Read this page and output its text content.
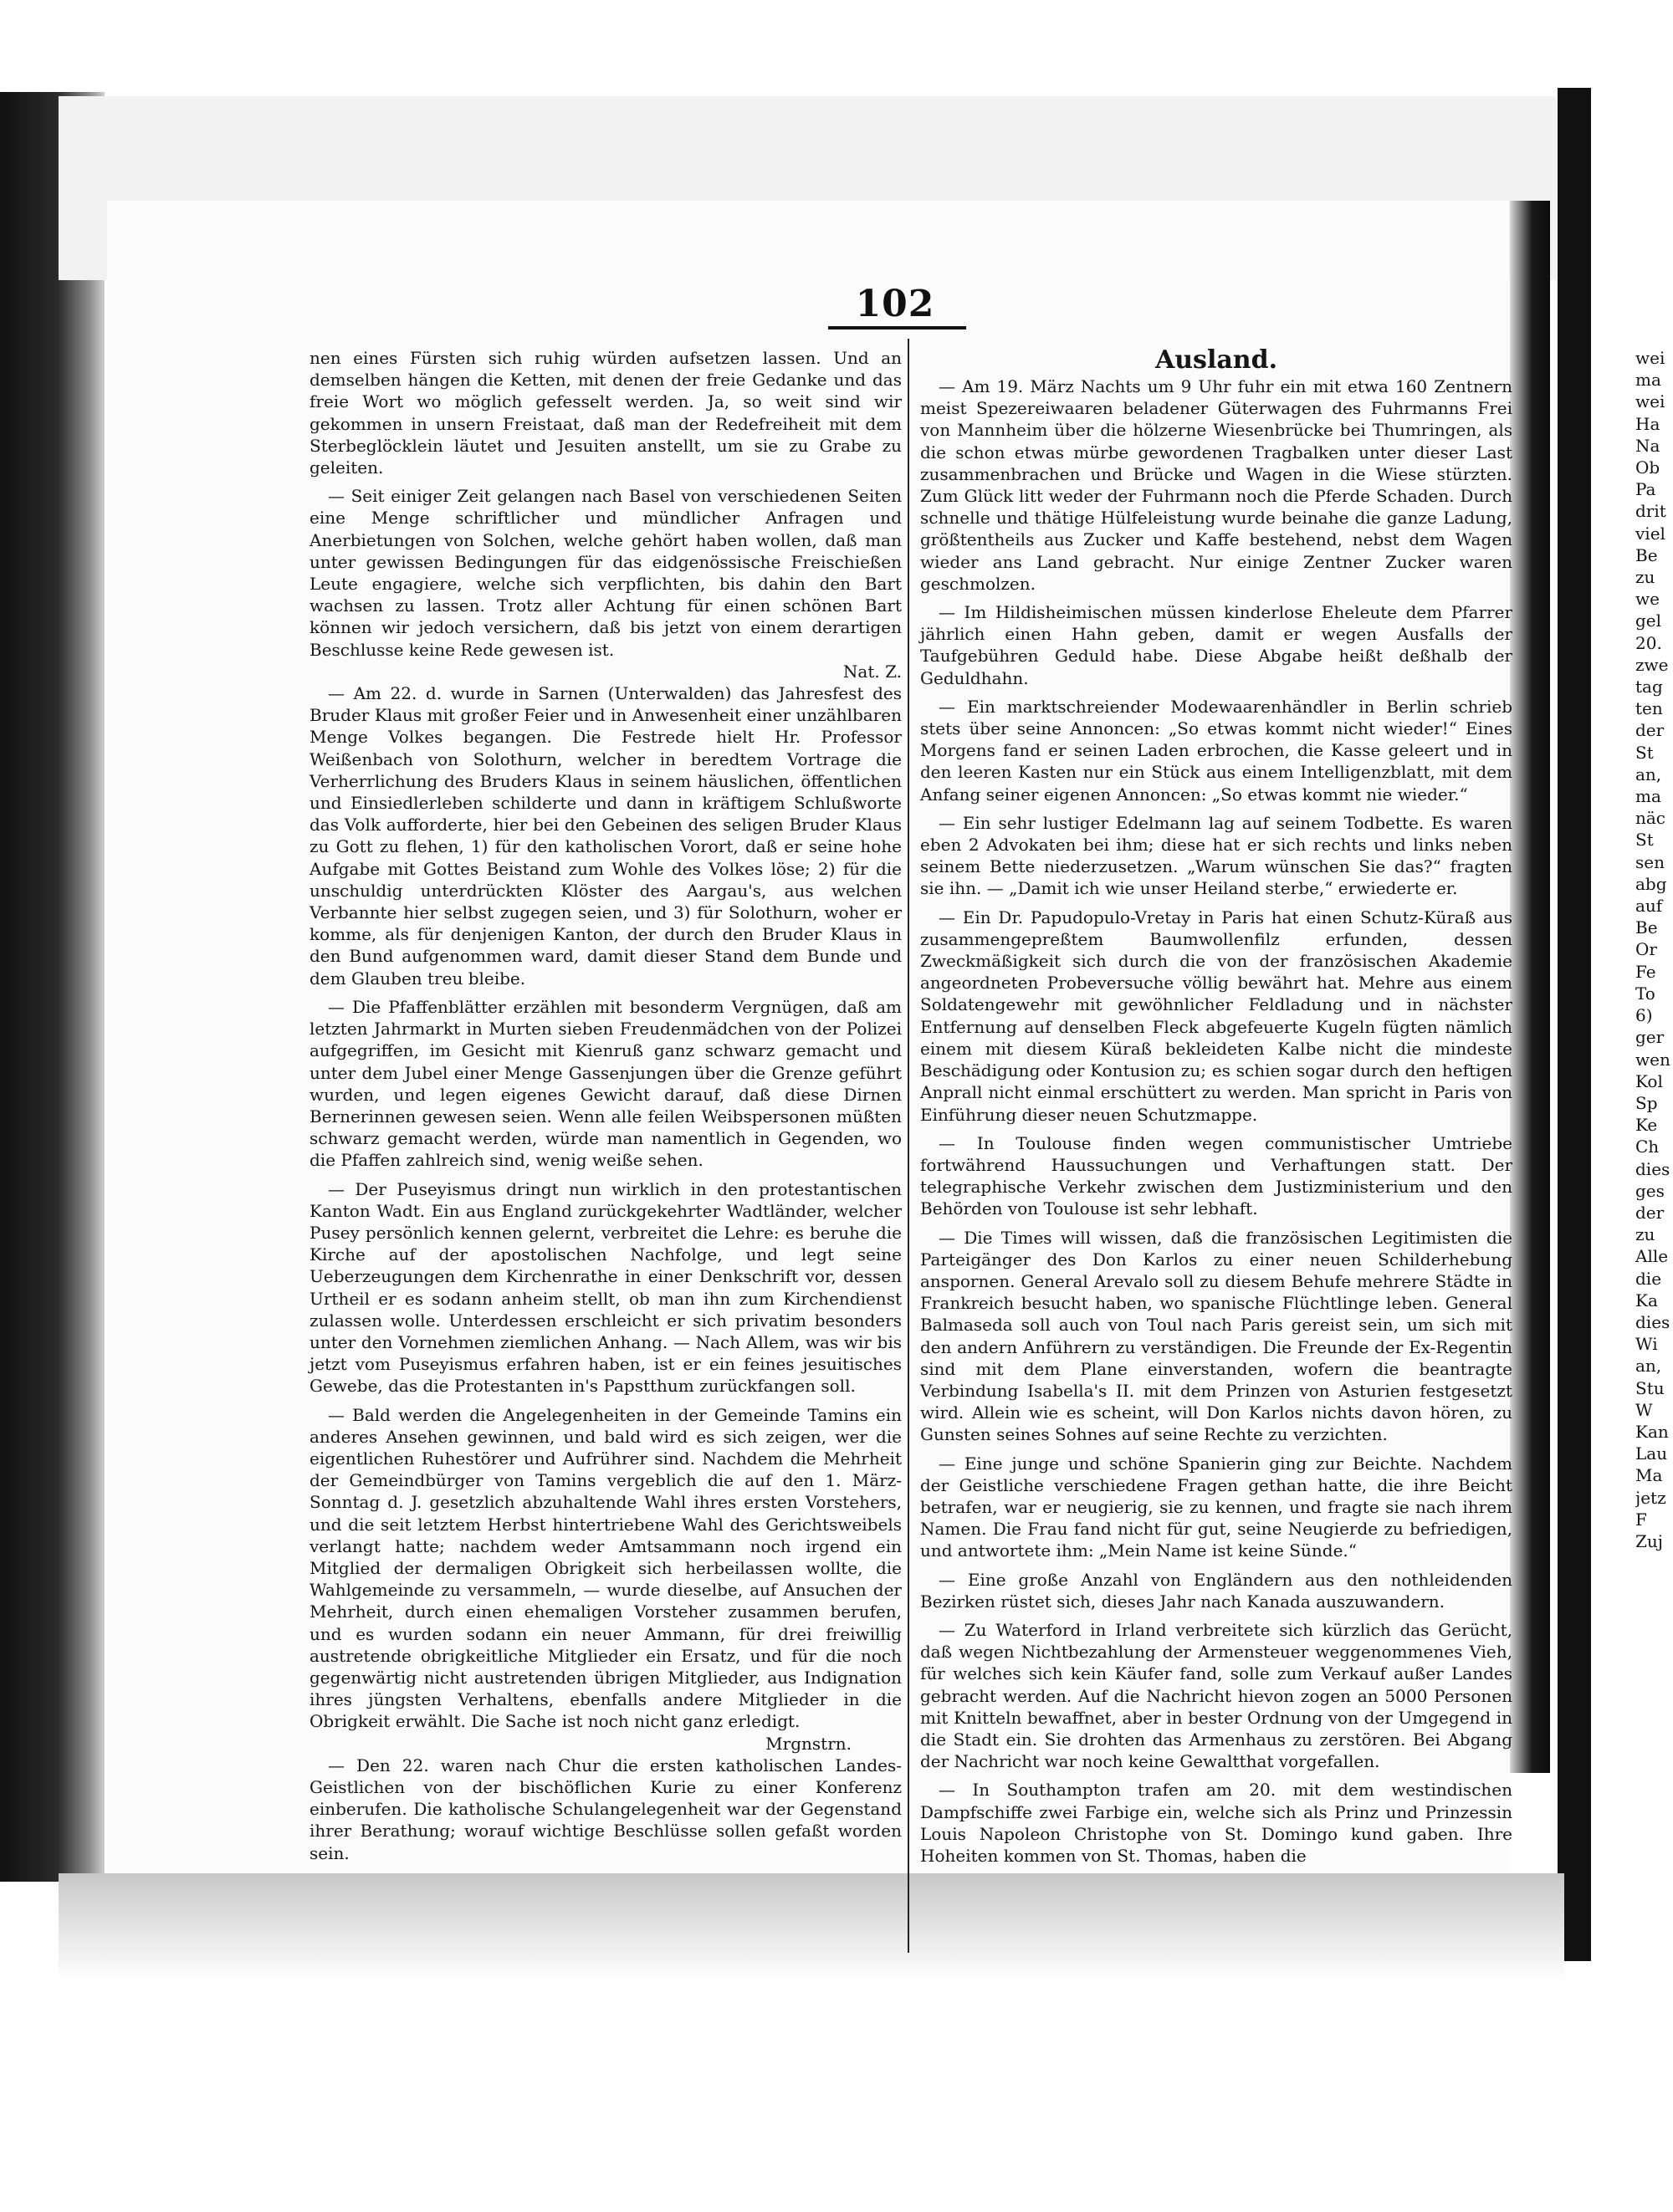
102

nen eines Fürsten sich ruhig würden aufsetzen lassen. Und an demselben hängen die Ketten, mit denen der freie Gedanke und das freie Wort wo möglich gefesselt werden. Ja, so weit sind wir gekommen in unsern Freistaat, daß man der Redefreiheit mit dem Sterbeglöcklein läutet und Jesuiten anstellt, um sie zu Grabe zu geleiten.

— Seit einiger Zeit gelangen nach Basel von verschiedenen Seiten eine Menge schriftlicher und mündlicher Anfragen und Anerbietungen von Solchen, welche gehört haben wollen, daß man unter gewissen Bedingungen für das eidgenössische Freischießen Leute engagiere, welche sich verpflichten, bis dahin den Bart wachsen zu lassen. Trotz aller Achtung für einen schönen Bart können wir jedoch versichern, daß bis jetzt von einem derartigen Beschlusse keine Rede gewesen ist.

Nat. Z.

— Am 22. d. wurde in Sarnen (Unterwalden) das Jahresfest des Bruder Klaus mit großer Feier und in Anwesenheit einer unzählbaren Menge Volkes begangen. Die Festrede hielt Hr. Professor Weißenbach von Solothurn, welcher in beredtem Vortrage die Verherrlichung des Bruders Klaus in seinem häuslichen, öffentlichen und Einsiedlerleben schilderte und dann in kräftigem Schlußworte das Volk aufforderte, hier bei den Gebeinen des seligen Bruder Klaus zu Gott zu flehen, 1) für den katholischen Vorort, daß er seine hohe Aufgabe mit Gottes Beistand zum Wohle des Volkes löse; 2) für die unschuldig unterdrückten Klöster des Aargau's, aus welchen Verbannte hier selbst zugegen seien, und 3) für Solothurn, woher er komme, als für denjenigen Kanton, der durch den Bruder Klaus in den Bund aufgenommen ward, damit dieser Stand dem Bunde und dem Glauben treu bleibe.

— Die Pfaffenblätter erzählen mit besonderm Vergnügen, daß am letzten Jahrmarkt in Murten sieben Freudenmädchen von der Polizei aufgegriffen, im Gesicht mit Kienruß ganz schwarz gemacht und unter dem Jubel einer Menge Gassenjungen über die Grenze geführt wurden, und legen eigenes Gewicht darauf, daß diese Dirnen Bernerinnen gewesen seien. Wenn alle feilen Weibspersonen müßten schwarz gemacht werden, würde man namentlich in Gegenden, wo die Pfaffen zahlreich sind, wenig weiße sehen.

— Der Puseyismus dringt nun wirklich in den protestantischen Kanton Wadt. Ein aus England zurückgekehrter Wadtländer, welcher Pusey persönlich kennen gelernt, verbreitet die Lehre: es beruhe die Kirche auf der apostolischen Nachfolge, und legt seine Ueberzeugungen dem Kirchenrathe in einer Denkschrift vor, dessen Urtheil er es sodann anheim stellt, ob man ihn zum Kirchendienst zulassen wolle. Unterdessen erschleicht er sich privatim besonders unter den Vornehmen ziemlichen Anhang. — Nach Allem, was wir bis jetzt vom Puseyismus erfahren haben, ist er ein feines jesuitisches Gewebe, das die Protestanten in's Papstthum zurückfangen soll.

— Bald werden die Angelegenheiten in der Gemeinde Tamins ein anderes Ansehen gewinnen, und bald wird es sich zeigen, wer die eigentlichen Ruhestörer und Aufrührer sind. Nachdem die Mehrheit der Gemeindbürger von Tamins vergeblich die auf den 1. März-Sonntag d. J. gesetzlich abzuhaltende Wahl ihres ersten Vorstehers, und die seit letztem Herbst hintertriebene Wahl des Gerichtsweibels verlangt hatte; nachdem weder Amtsammann noch irgend ein Mitglied der dermaligen Obrigkeit sich herbeilassen wollte, die Wahlgemeinde zu versammeln, — wurde dieselbe, auf Ansuchen der Mehrheit, durch einen ehemaligen Vorsteher zusammen berufen, und es wurden sodann ein neuer Ammann, für drei freiwillig austretende obrigkeitliche Mitglieder ein Ersatz, und für die noch gegenwärtig nicht austretenden übrigen Mitglieder, aus Indignation ihres jüngsten Verhaltens, ebenfalls andere Mitglieder in die Obrigkeit erwählt. Die Sache ist noch nicht ganz erledigt.

Mrgnstrn.

— Den 22. waren nach Chur die ersten katholischen Landes-Geistlichen von der bischöflichen Kurie zu einer Konferenz einberufen. Die katholische Schulangelegenheit war der Gegenstand ihrer Berathung; worauf wichtige Beschlüsse sollen gefaßt worden sein.

Ausland.

— Am 19. März Nachts um 9 Uhr fuhr ein mit etwa 160 Zentnern meist Spezereiwaaren beladener Güterwagen des Fuhrmanns Frei von Mannheim über die hölzerne Wiesenbrücke bei Thumringen, als die schon etwas mürbe gewordenen Tragbalken unter dieser Last zusammenbrachen und Brücke und Wagen in die Wiese stürzten. Zum Glück litt weder der Fuhrmann noch die Pferde Schaden. Durch schnelle und thätige Hülfeleistung wurde beinahe die ganze Ladung, größtentheils aus Zucker und Kaffe bestehend, nebst dem Wagen wieder ans Land gebracht. Nur einige Zentner Zucker waren geschmolzen.

— Im Hildisheimischen müssen kinderlose Eheleute dem Pfarrer jährlich einen Hahn geben, damit er wegen Ausfalls der Taufgebühren Geduld habe. Diese Abgabe heißt deßhalb der Geduldhahn.

— Ein marktschreiender Modewaarenhändler in Berlin schrieb stets über seine Annoncen: „So etwas kommt nicht wieder!“ Eines Morgens fand er seinen Laden erbrochen, die Kasse geleert und in den leeren Kasten nur ein Stück aus einem Intelligenzblatt, mit dem Anfang seiner eigenen Annoncen: „So etwas kommt nie wieder.“

— Ein sehr lustiger Edelmann lag auf seinem Todbette. Es waren eben 2 Advokaten bei ihm; diese hat er sich rechts und links neben seinem Bette niederzusetzen. „Warum wünschen Sie das?“ fragten sie ihn. — „Damit ich wie unser Heiland sterbe,“ erwiederte er.

— Ein Dr. Papudopulo-Vretay in Paris hat einen Schutz-Küraß aus zusammengepreßtem Baumwollenfilz erfunden, dessen Zweckmäßigkeit sich durch die von der französischen Akademie angeordneten Probeversuche völlig bewährt hat. Mehre aus einem Soldatengewehr mit gewöhnlicher Feldladung und in nächster Entfernung auf denselben Fleck abgefeuerte Kugeln fügten nämlich einem mit diesem Küraß bekleideten Kalbe nicht die mindeste Beschädigung oder Kontusion zu; es schien sogar durch den heftigen Anprall nicht einmal erschüttert zu werden. Man spricht in Paris von Einführung dieser neuen Schutzmappe.

— In Toulouse finden wegen communistischer Umtriebe fortwährend Haussuchungen und Verhaftungen statt. Der telegraphische Verkehr zwischen dem Justizministerium und den Behörden von Toulouse ist sehr lebhaft.

— Die Times will wissen, daß die französischen Legitimisten die Parteigänger des Don Karlos zu einer neuen Schilderhebung anspornen. General Arevalo soll zu diesem Behufe mehrere Städte in Frankreich besucht haben, wo spanische Flüchtlinge leben. General Balmaseda soll auch von Toul nach Paris gereist sein, um sich mit den andern Anführern zu verständigen. Die Freunde der Ex-Regentin sind mit dem Plane einverstanden, wofern die beantragte Verbindung Isabella's II. mit dem Prinzen von Asturien festgesetzt wird. Allein wie es scheint, will Don Karlos nichts davon hören, zu Gunsten seines Sohnes auf seine Rechte zu verzichten.

— Eine junge und schöne Spanierin ging zur Beichte. Nachdem der Geistliche verschiedene Fragen gethan hatte, die ihre Beicht betrafen, war er neugierig, sie zu kennen, und fragte sie nach ihrem Namen. Die Frau fand nicht für gut, seine Neugierde zu befriedigen, und antwortete ihm: „Mein Name ist keine Sünde.“

— Eine große Anzahl von Engländern aus den nothleidenden Bezirken rüstet sich, dieses Jahr nach Kanada auszuwandern.

— Zu Waterford in Irland verbreitete sich kürzlich das Gerücht, daß wegen Nichtbezahlung der Armensteuer weggenommenes Vieh, für welches sich kein Käufer fand, solle zum Verkauf außer Landes gebracht werden. Auf die Nachricht hievon zogen an 5000 Personen mit Knitteln bewaffnet, aber in bester Ordnung von der Umgegend in die Stadt ein. Sie drohten das Armenhaus zu zerstören. Bei Abgang der Nachricht war noch keine Gewaltthat vorgefallen.

— In Southampton trafen am 20. mit dem westindischen Dampfschiffe zwei Farbige ein, welche sich als Prinz und Prinzessin Louis Napoleon Christophe von St. Domingo kund gaben. Ihre Hoheiten kommen von St. Thomas, haben die

wei
ma
wei
Ha
Na
Ob
Pa
drit
viel
Be
zu
we
gel
20.
zwe
tag
ten
der
St
an,
ma
näc
St
sen
abg
auf
Be
Or
Fe
To
6)
ger
wen
Kol
Sp
Ke
Ch
dies
ges
der
zu
Alle
die
Ka
dies
Wi
an,
Stu
W
Kan
Lau
Ma
jetz
F
Zuj
